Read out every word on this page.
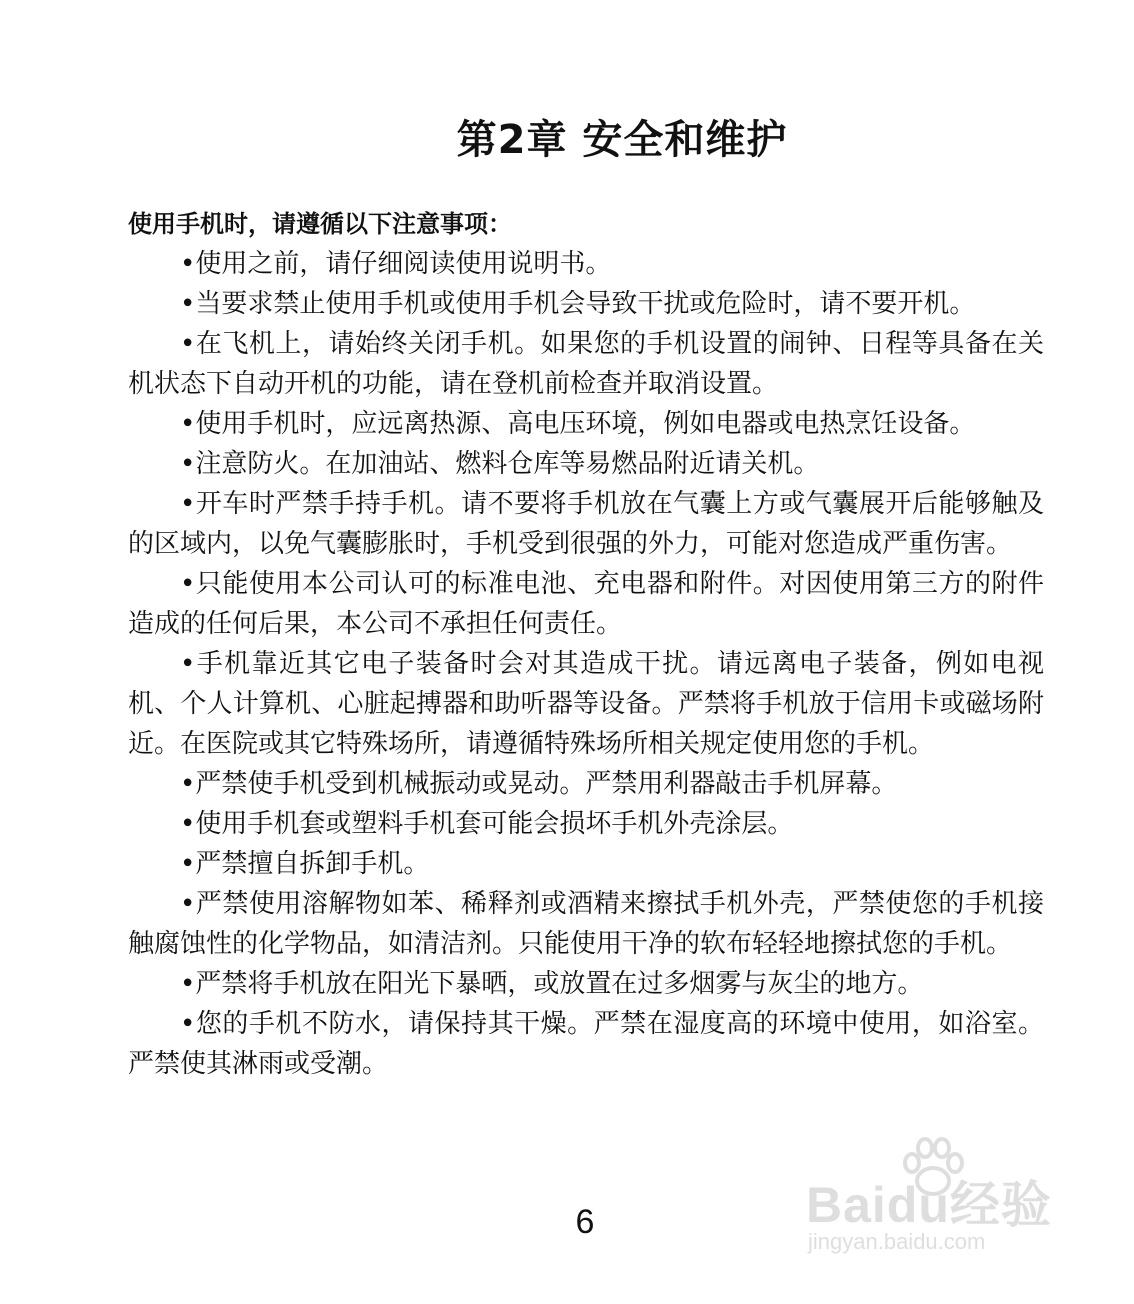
第2章 安全和维护

使用手机时，请遵循以下注意事项：

•使用之前，请仔细阅读使用说明书。

•当要求禁止使用手机或使用手机会导致干扰或危险时，请不要开机。

•在飞机上，请始终关闭手机。如果您的手机设置的闹钟、日程等具备在关机状态下自动开机的功能，请在登机前检查并取消设置。

•使用手机时，应远离热源、高电压环境，例如电器或电热烹饪设备。

•注意防火。在加油站、燃料仓库等易燃品附近请关机。

•开车时严禁手持手机。请不要将手机放在气囊上方或气囊展开后能够触及的区域内，以免气囊膨胀时，手机受到很强的外力，可能对您造成严重伤害。

•只能使用本公司认可的标准电池、充电器和附件。对因使用第三方的附件造成的任何后果，本公司不承担任何责任。

•手机靠近其它电子装备时会对其造成干扰。请远离电子装备，例如电视机、个人计算机、心脏起搏器和助听器等设备。严禁将手机放于信用卡或磁场附近。在医院或其它特殊场所，请遵循特殊场所相关规定使用您的手机。

•严禁使手机受到机械振动或晃动。严禁用利器敲击手机屏幕。

•使用手机套或塑料手机套可能会损坏手机外壳涂层。

•严禁擅自拆卸手机。

•严禁使用溶解物如苯、稀释剂或酒精来擦拭手机外壳，严禁使您的手机接触腐蚀性的化学物品，如清洁剂。只能使用干净的软布轻轻地擦拭您的手机。

•严禁将手机放在阳光下暴晒，或放置在过多烟雾与灰尘的地方。

•您的手机不防水，请保持其干燥。严禁在湿度高的环境中使用，如浴室。严禁使其淋雨或受潮。

6	Baidu经验
jingyan.baidu.com
